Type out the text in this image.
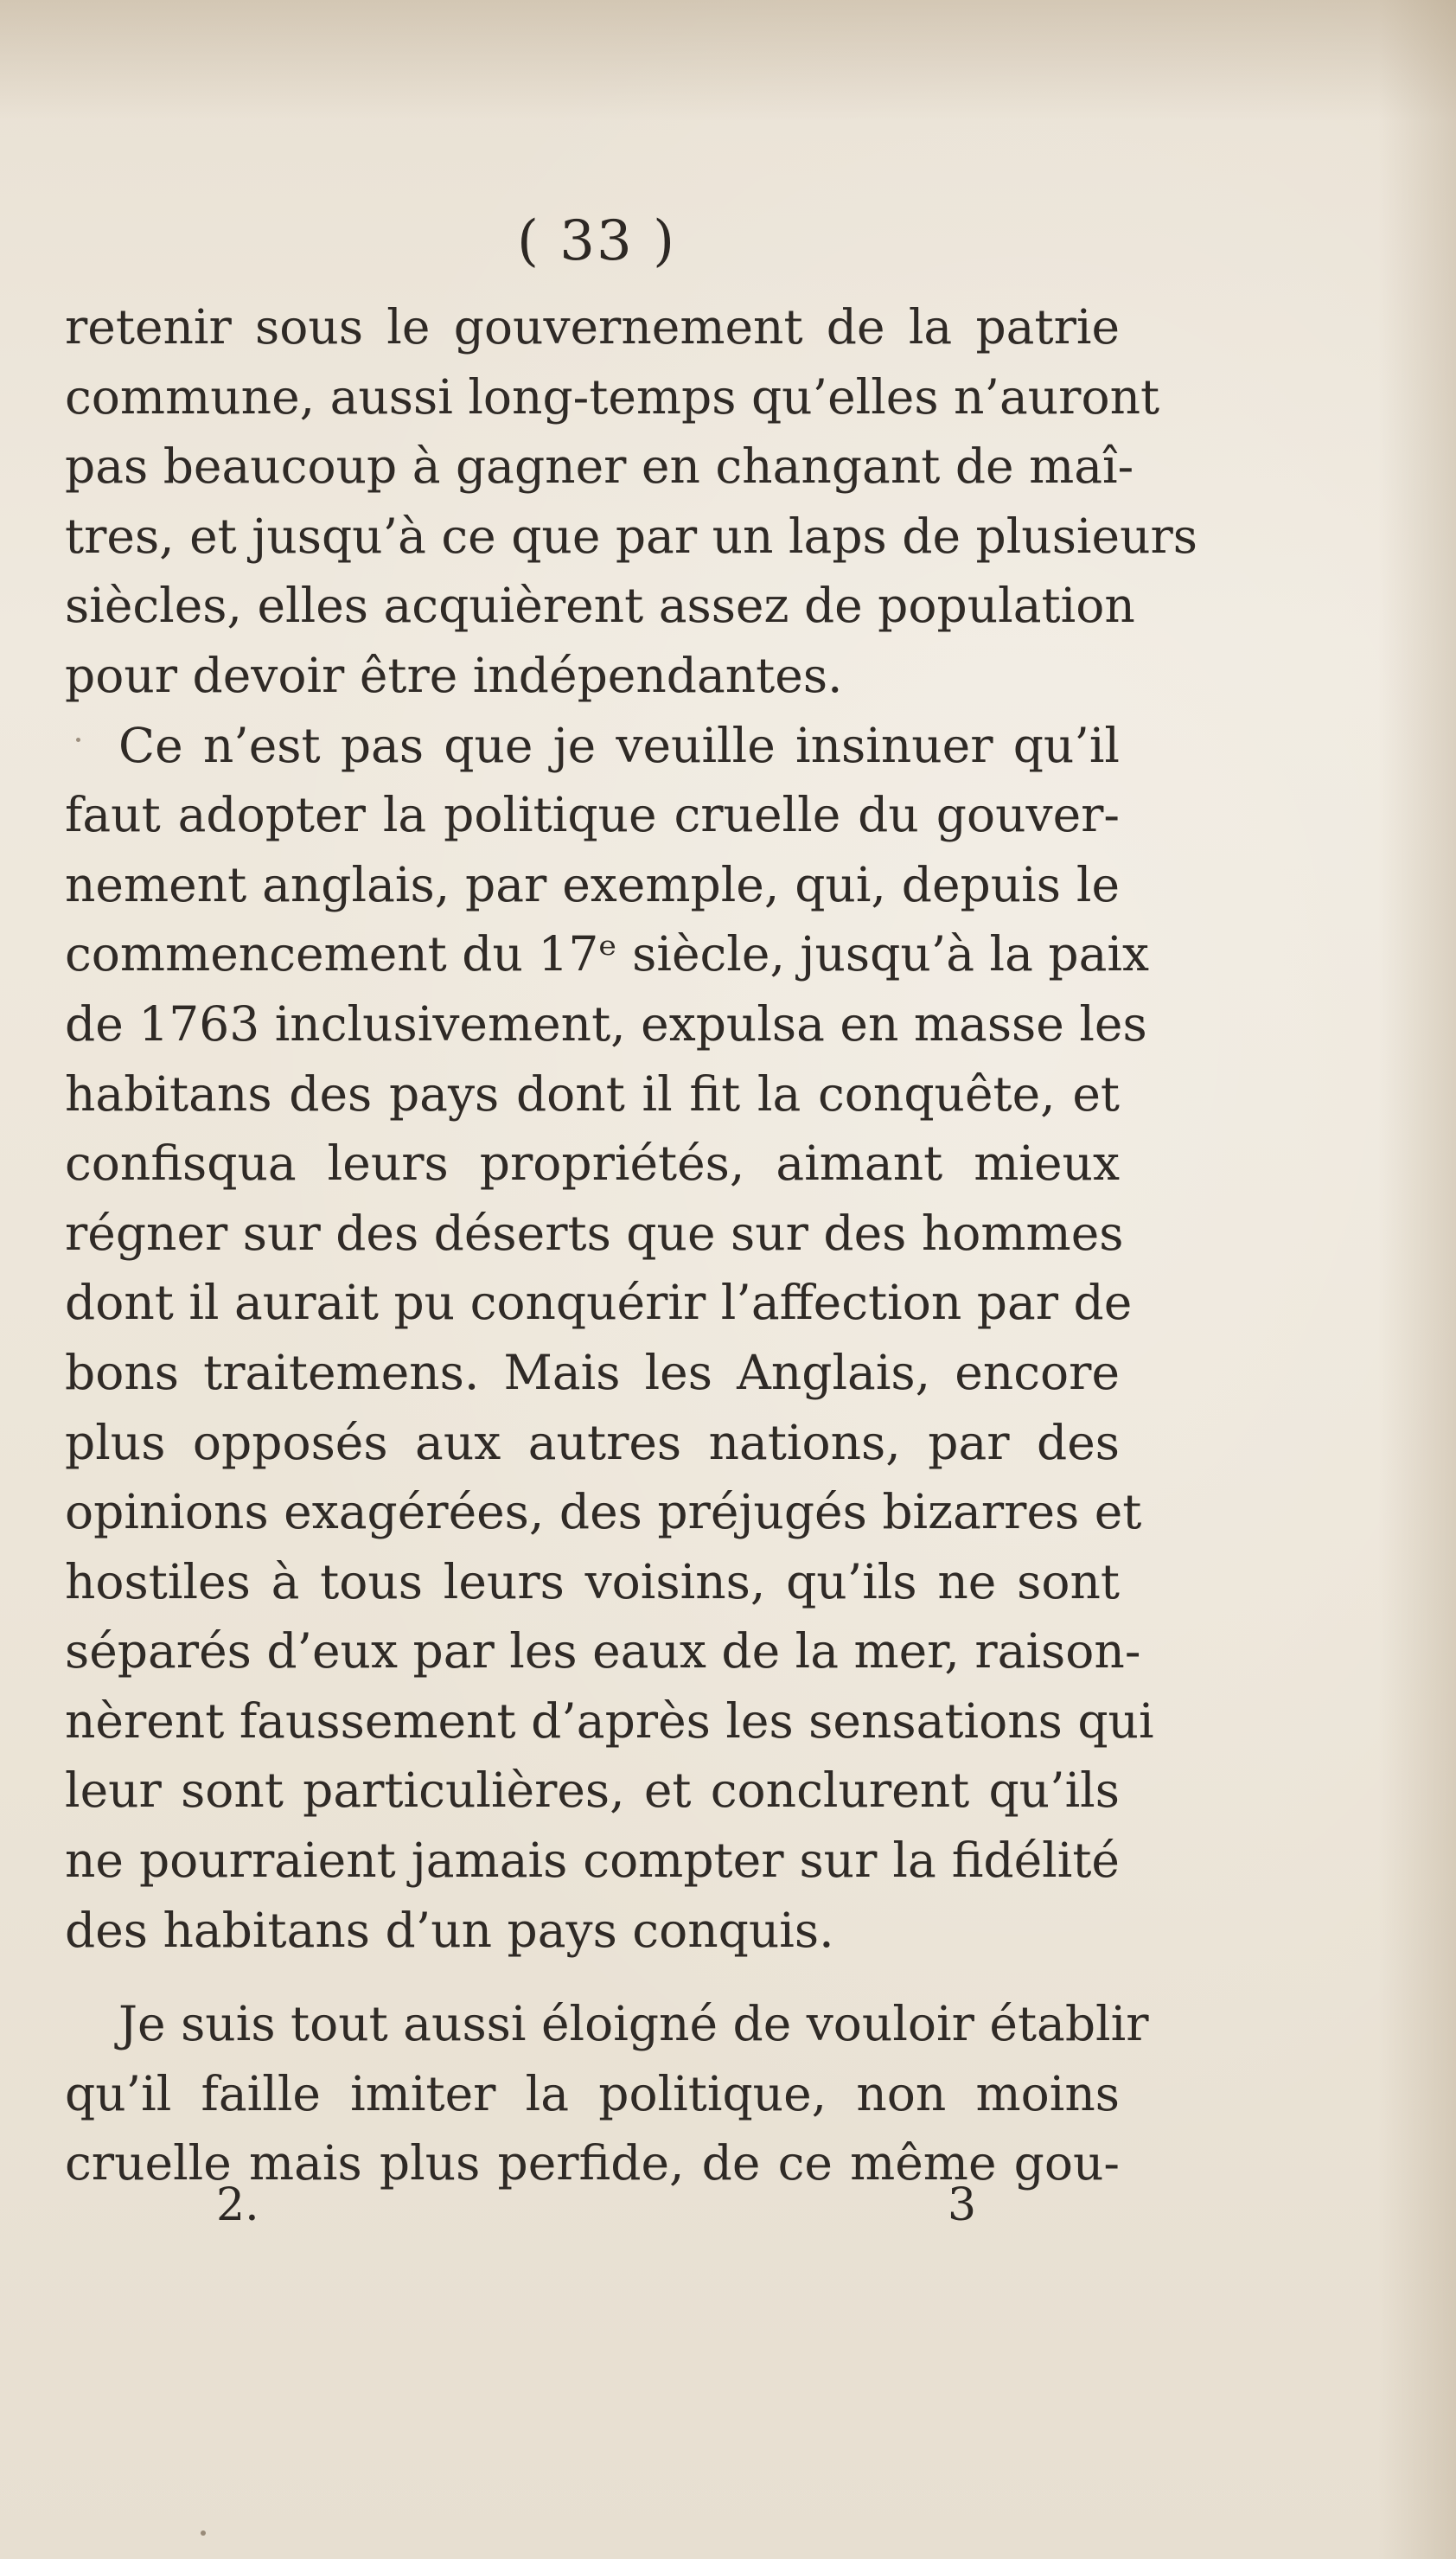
( 33 )
retenir sous le gouvernement de la patrie
commune, aussi long-temps qu’elles n’auront
pas beaucoup à gagner en changant de maî-
tres, et jusqu’à ce que par un laps de plusieurs
siècles, elles acquièrent assez de population
pour devoir être indépendantes.
Ce n’est pas que je veuille insinuer qu’il
faut adopter la politique cruelle du gouver-
nement anglais, par exemple, qui, depuis le
commencement du 17ᵉ siècle, jusqu’à la paix
de 1763 inclusivement, expulsa en masse les
habitans des pays dont il fit la conquête, et
confisqua leurs propriétés, aimant mieux
régner sur des déserts que sur des hommes
dont il aurait pu conquérir l’affection par de
bons traitemens. Mais les Anglais, encore
plus opposés aux autres nations, par des
opinions exagérées, des préjugés bizarres et
hostiles à tous leurs voisins, qu’ils ne sont
séparés d’eux par les eaux de la mer, raison-
nèrent faussement d’après les sensations qui
leur sont particulières, et conclurent qu’ils
ne pourraient jamais compter sur la fidélité
des habitans d’un pays conquis.
Je suis tout aussi éloigné de vouloir établir
qu’il faille imiter la politique, non moins
cruelle mais plus perfide, de ce même gou-
2.	3
